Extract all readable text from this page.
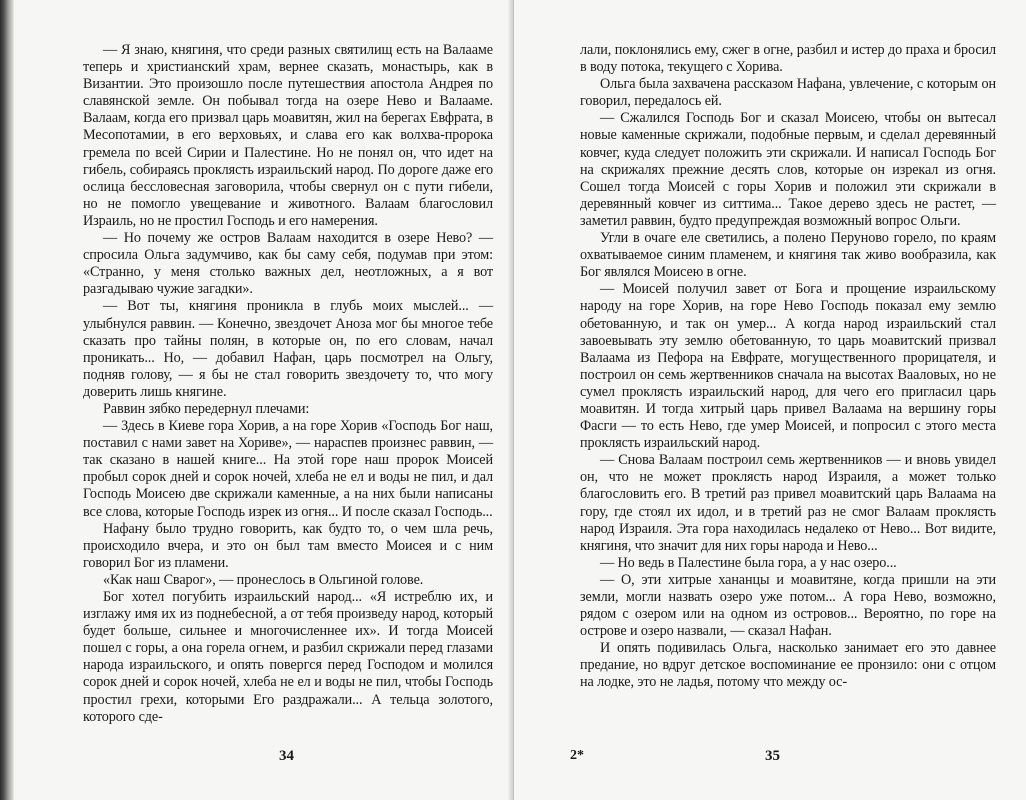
— Я знаю, княгиня, что среди разных святилищ есть на Валааме теперь и христианский храм, вернее сказать, монастырь, как в Византии. Это произошло после путешествия апостола Андрея по славянской земле. Он побывал тогда на озере Нево и Валааме. Валаам, когда его призвал царь моавитян, жил на берегах Евфрата, в Месопотамии, в его верховьях, и слава его как волхва-пророка гремела по всей Сирии и Палестине. Но не понял он, что идет на гибель, собираясь проклясть израильский народ. По дороге даже его ослица бессловесная заговорила, чтобы свернул он с пути гибели, но не помогло увещевание и животного. Валаам благословил Израиль, но не простил Господь и его намерения.

— Но почему же остров Валаам находится в озере Нево? — спросила Ольга задумчиво, как бы саму себя, подумав при этом: «Странно, у меня столько важных дел, неотложных, а я вот разгадываю чужие загадки».

— Вот ты, княгиня проникла в глубь моих мыслей... — улыбнулся раввин. — Конечно, звездочет Аноза мог бы многое тебе сказать про тайны полян, в которые он, по его словам, начал проникать... Но, — добавил Нафан, царь посмотрел на Ольгу, подняв голову, — я бы не стал говорить звездочету то, что могу доверить лишь княгине.

Раввин зябко передернул плечами:

— Здесь в Киеве гора Хорив, а на горе Хорив «Господь Бог наш, поставил с нами завет на Хориве», — нараспев произнес раввин, — так сказано в нашей книге... На этой горе наш пророк Моисей пробыл сорок дней и сорок ночей, хлеба не ел и воды не пил, и дал Господь Моисею две скрижали каменные, а на них были написаны все слова, которые Господь изрек из огня... И после сказал Господь...

Нафану было трудно говорить, как будто то, о чем шла речь, происходило вчера, и это он был там вместо Моисея и с ним говорил Бог из пламени.

«Как наш Сварог», — пронеслось в Ольгиной голове.

Бог хотел погубить израильский народ... «Я истреблю их, и изглажу имя их из поднебесной, а от тебя произведу народ, который будет больше, сильнее и многочисленнее их». И тогда Моисей пошел с горы, а она горела огнем, и разбил скрижали перед глазами народа израильского, и опять повергся перед Господом и молился сорок дней и сорок ночей, хлеба не ел и воды не пил, чтобы Господь простил грехи, которыми Его раздражали... А тельца золотого, которого сде-

34

лали, поклонялись ему, сжег в огне, разбил и истер до праха и бросил в воду потока, текущего с Хорива.

Ольга была захвачена рассказом Нафана, увлечение, с которым он говорил, передалось ей.

— Сжалился Господь Бог и сказал Моисею, чтобы он вытесал новые каменные скрижали, подобные первым, и сделал деревянный ковчег, куда следует положить эти скрижали. И написал Господь Бог на скрижалях прежние десять слов, которые он изрекал из огня. Сошел тогда Моисей с горы Хорив и положил эти скрижали в деревянный ковчег из ситтима... Такое дерево здесь не растет, — заметил раввин, будто предупреждая возможный вопрос Ольги.

Угли в очаге еле светились, а полено Перуново горело, по краям охватываемое синим пламенем, и княгиня так живо вообразила, как Бог являлся Моисею в огне.

— Моисей получил завет от Бога и прощение израильскому народу на горе Хорив, на горе Нево Господь показал ему землю обетованную, и так он умер... А когда народ израильский стал завоевывать эту землю обетованную, то царь моавитский призвал Валаама из Пефора на Евфрате, могущественного прорицателя, и построил он семь жертвенников сначала на высотах Вааловых, но не сумел проклясть израильский народ, для чего его пригласил царь моавитян. И тогда хитрый царь привел Валаама на вершину горы Фасги — то есть Нево, где умер Моисей, и попросил с этого места проклясть израильский народ.

— Снова Валаам построил семь жертвенников — и вновь увидел он, что не может проклясть народ Израиля, а может только благословить его. В третий раз привел моавитский царь Валаама на гору, где стоял их идол, и в третий раз не смог Валаам проклясть народ Израиля. Эта гора находилась недалеко от Нево... Вот видите, княгиня, что значит для них горы народа и Нево...

— Но ведь в Палестине была гора, а у нас озеро...

— О, эти хитрые хананцы и моавитяне, когда пришли на эти земли, могли назвать озеро уже потом... А гора Нево, возможно, рядом с озером или на одном из островов... Вероятно, по горе на острове и озеро назвали, — сказал Нафан.

И опять подивилась Ольга, насколько занимает его это давнее предание, но вдруг детское воспоминание ее пронзило: они с отцом на лодке, это не ладья, потому что между ос-

2*	35
